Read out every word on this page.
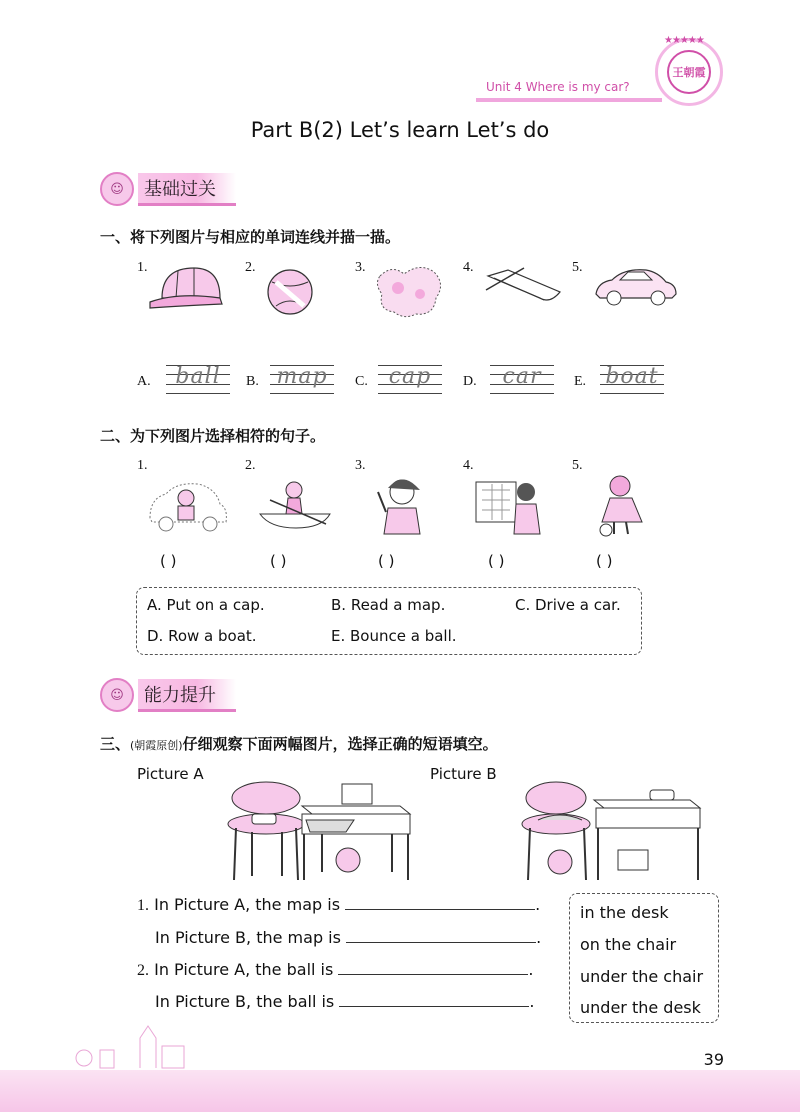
Unit 4 Where is my car?
★★★★★
王朝霞
Part B(2) Let’s learn Let’s do
☺	基础过关
一、将下列图片与相应的单词连线并描一描。
1.	2.	3.	4.	5.
A.	ball	B. map	C. cap	D.	car	E. boat
二、为下列图片选择相符的句子。
1.	2.	3.	4.	5.
( )	( )	( )	( )	( )
A. Put on a cap.	B. Read a map.	C. Drive a car.
D. Row a boat.	E. Bounce a ball.
☺	能力提升
三、(朝霞原创)仔细观察下面两幅图片，选择正确的短语填空。
Picture A	Picture B
1. In Picture A, the map is	.
In Picture B, the map is	.
2. In Picture A, the ball is	.
In Picture B, the ball is	.
in the desk
on the chair
under the chair
under the desk
39
